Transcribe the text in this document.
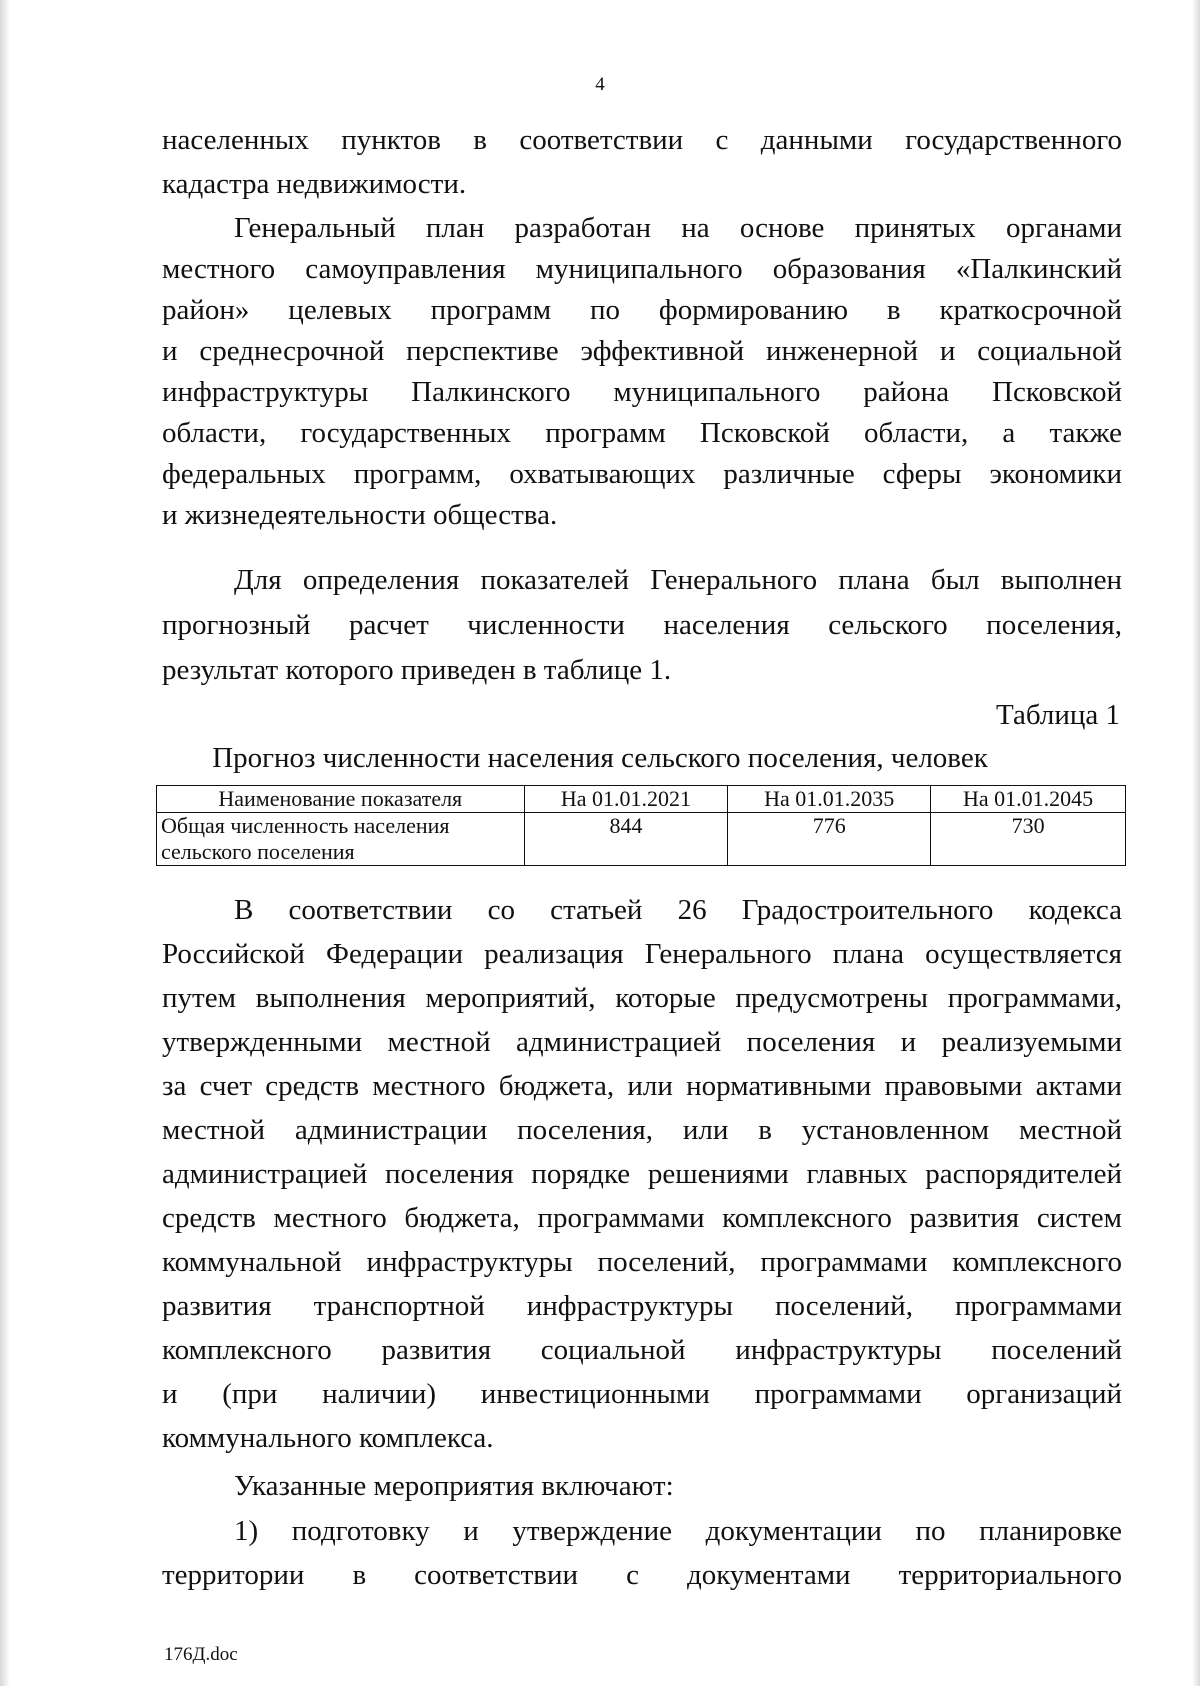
4
населенных пунктов в соответствии с данными государственного
кадастра недвижимости.
Генеральный план разработан на основе принятых органами
местного самоуправления муниципального образования «Палкинский
район» целевых программ по формированию в краткосрочной
и среднесрочной перспективе эффективной инженерной и социальной
инфраструктуры Палкинского муниципального района Псковской
области, государственных программ Псковской области, а также
федеральных программ, охватывающих различные сферы экономики
и жизнедеятельности общества.
Для определения показателей Генерального плана был выполнен
прогнозный расчет численности населения сельского поселения,
результат которого приведен в таблице 1.
Таблица 1
Прогноз численности населения сельского поселения, человек
Наименование показателя	На 01.01.2021	На 01.01.2035	На 01.01.2045

Общая численность населения
сельского поселения	844	776	730
В соответствии со статьей 26 Градостроительного кодекса
Российской Федерации реализация Генерального плана осуществляется
путем выполнения мероприятий, которые предусмотрены программами,
утвержденными местной администрацией поселения и реализуемыми
за счет средств местного бюджета, или нормативными правовыми актами
местной администрации поселения, или в установленном местной
администрацией поселения порядке решениями главных распорядителей
средств местного бюджета, программами комплексного развития систем
коммунальной инфраструктуры поселений, программами комплексного
развития транспортной инфраструктуры поселений, программами
комплексного развития социальной инфраструктуры поселений
и (при наличии) инвестиционными программами организаций
коммунального комплекса.
Указанные мероприятия включают:
1) подготовку и утверждение документации по планировке
территории в соответствии с документами территориального
176Д.doc
